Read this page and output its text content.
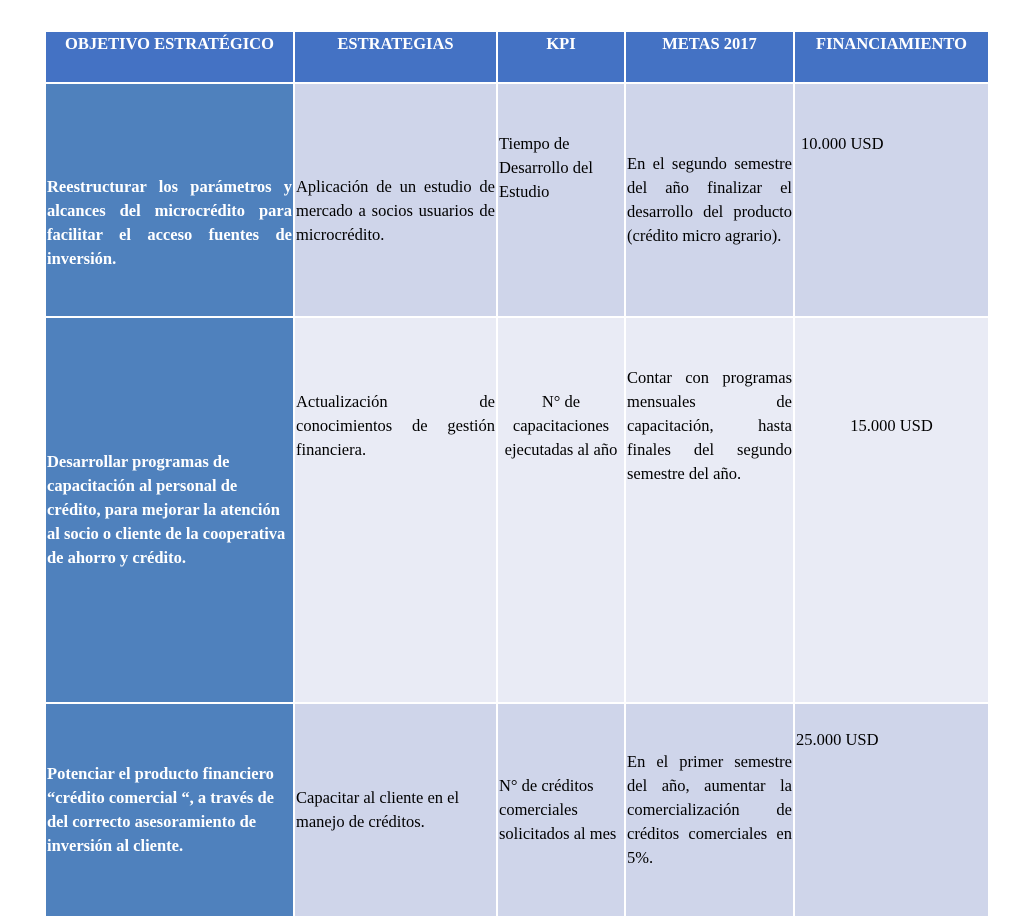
OBJETIVO ESTRATÉGICO	ESTRATEGIAS	KPI	METAS 2017	FINANCIAMIENTO
Reestructurar los parámetros y alcances del microcrédito para facilitar el acceso fuentes de inversión.	Aplicación de un estudio de mercado a socios usuarios de microcrédito.	Tiempo de Desarrollo del Estudio	En el segundo semestre del año finalizar el desarrollo del producto (crédito micro agrario).	10.000 USD
Desarrollar programas de capacitación al personal de crédito, para mejorar la atención al socio o cliente de la cooperativa de ahorro y crédito.	Actualización de conocimientos de gestión financiera.	N° de capacitaciones ejecutadas al año	Contar con programas mensuales de capacitación, hasta finales del segundo semestre del año.	15.000 USD
Potenciar el producto financiero “crédito comercial “, a través de del correcto asesoramiento de inversión al cliente.	Capacitar al cliente en el manejo de créditos.	N° de créditos comerciales solicitados al mes	En el primer semestre del año, aumentar la comercialización de créditos comerciales en 5%.	25.000 USD
